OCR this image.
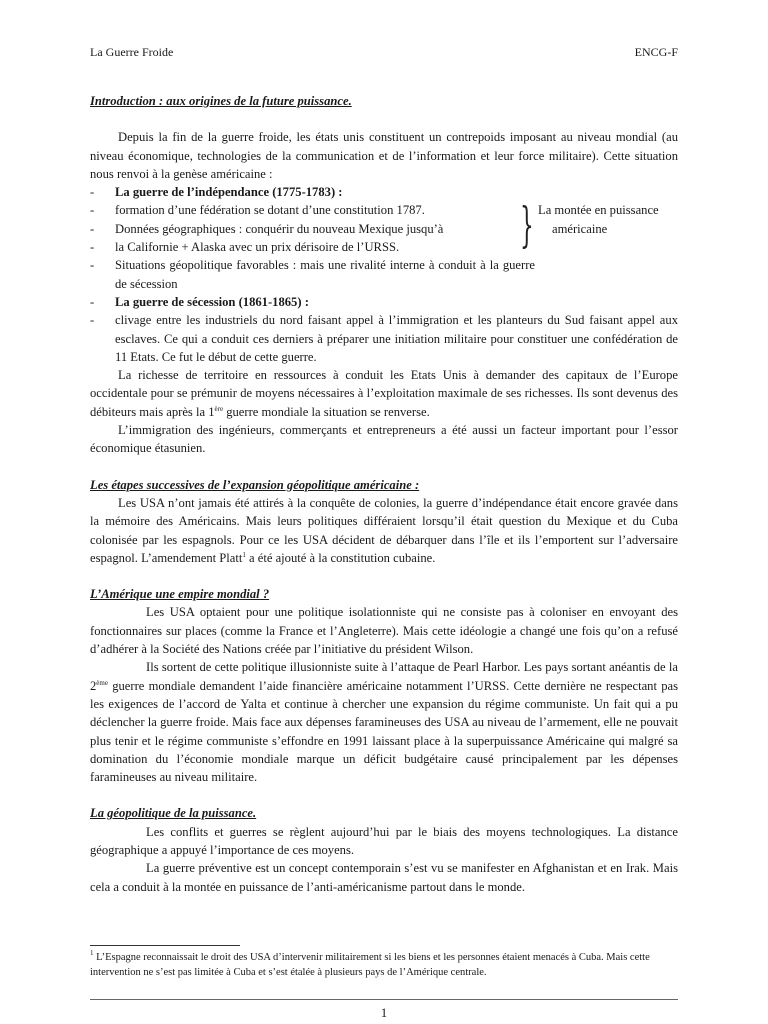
La Guerre Froide	ENCG-F
Introduction : aux origines de la future puissance.

Depuis la fin de la guerre froide, les états unis constituent un contrepoids imposant au niveau mondial (au niveau économique, technologies de la communication et de l’information et leur force militaire). Cette situation nous renvoi à la genèse américaine :

-	La guerre de l’indépendance (1775-1783) :
-	formation d’une fédération se dotant d’une constitution 1787.
-	Données géographiques : conquérir du nouveau Mexique jusqu’à
-	la Californie + Alaska avec un prix dérisoire de l’URSS.	} La montée en puissance
américaine
-	Situations géopolitique favorables : mais une rivalité interne à conduit à la guerre de sécession
-	La guerre de sécession (1861-1865) :
-	clivage entre les industriels du nord faisant appel à l’immigration et les planteurs du Sud faisant appel aux esclaves. Ce qui a conduit ces derniers à préparer une initiation militaire pour constituer une confédération de 11 Etats. Ce fut le début de cette guerre.

La richesse de territoire en ressources à conduit les Etats Unis à demander des capitaux de l’Europe occidentale pour se prémunir de moyens nécessaires à l’exploitation maximale de ses richesses. Ils sont devenus des débiteurs mais après la 1ère guerre mondiale la situation se renverse.

L’immigration des ingénieurs, commerçants et entrepreneurs a été aussi un facteur important pour l’essor économique étasunien.

Les étapes successives de l’expansion géopolitique américaine :

Les USA n’ont jamais été attirés à la conquête de colonies, la guerre d’indépendance était encore gravée dans la mémoire des Américains. Mais leurs politiques différaient lorsqu’il était question du Mexique et du Cuba colonisée par les espagnols. Pour ce les USA décident de débarquer dans l’île et ils l’emportent sur l’adversaire espagnol. L’amendement Platt$^1$ a été ajouté à la constitution cubaine.

L’Amérique une empire mondial ?

Les USA optaient pour une politique isolationniste qui ne consiste pas à coloniser en envoyant des fonctionnaires sur places (comme la France et l’Angleterre). Mais cette idéologie a changé une fois qu’on a refusé d’adhérer à la Société des Nations créée par l’initiative du président Wilson.

Ils sortent de cette politique illusionniste suite à l’attaque de Pearl Harbor. Les pays sortant anéantis de la 2ème guerre mondiale demandent l’aide financière américaine notamment l’URSS. Cette dernière ne respectant pas les exigences de l’accord de Yalta et continue à chercher une expansion du régime communiste. Un fait qui a pu déclencher la guerre froide. Mais face aux dépenses faramineuses des USA au niveau de l’armement, elle ne pouvait plus tenir et le régime communiste s’effondre en 1991 laissant place à la superpuissance Américaine qui malgré sa domination du l’économie mondiale marque un déficit budgétaire causé principalement par les dépenses faramineuses au niveau militaire.

La géopolitique de la puissance.

Les conflits et guerres se règlent aujourd’hui par le biais des moyens technologiques. La distance géographique a appuyé l’importance de ces moyens.

La guerre préventive est un concept contemporain s’est vu se manifester en Afghanistan et en Irak. Mais cela a conduit à la montée en puissance de l’anti-américanisme partout dans le monde.

$^1$ L’Espagne reconnaissait le droit des USA d’intervenir militairement si les biens et les personnes étaient menacés à Cuba. Mais cette intervention ne s’est pas limitée à Cuba et s’est étalée à plusieurs pays de l’Amérique centrale.
1
